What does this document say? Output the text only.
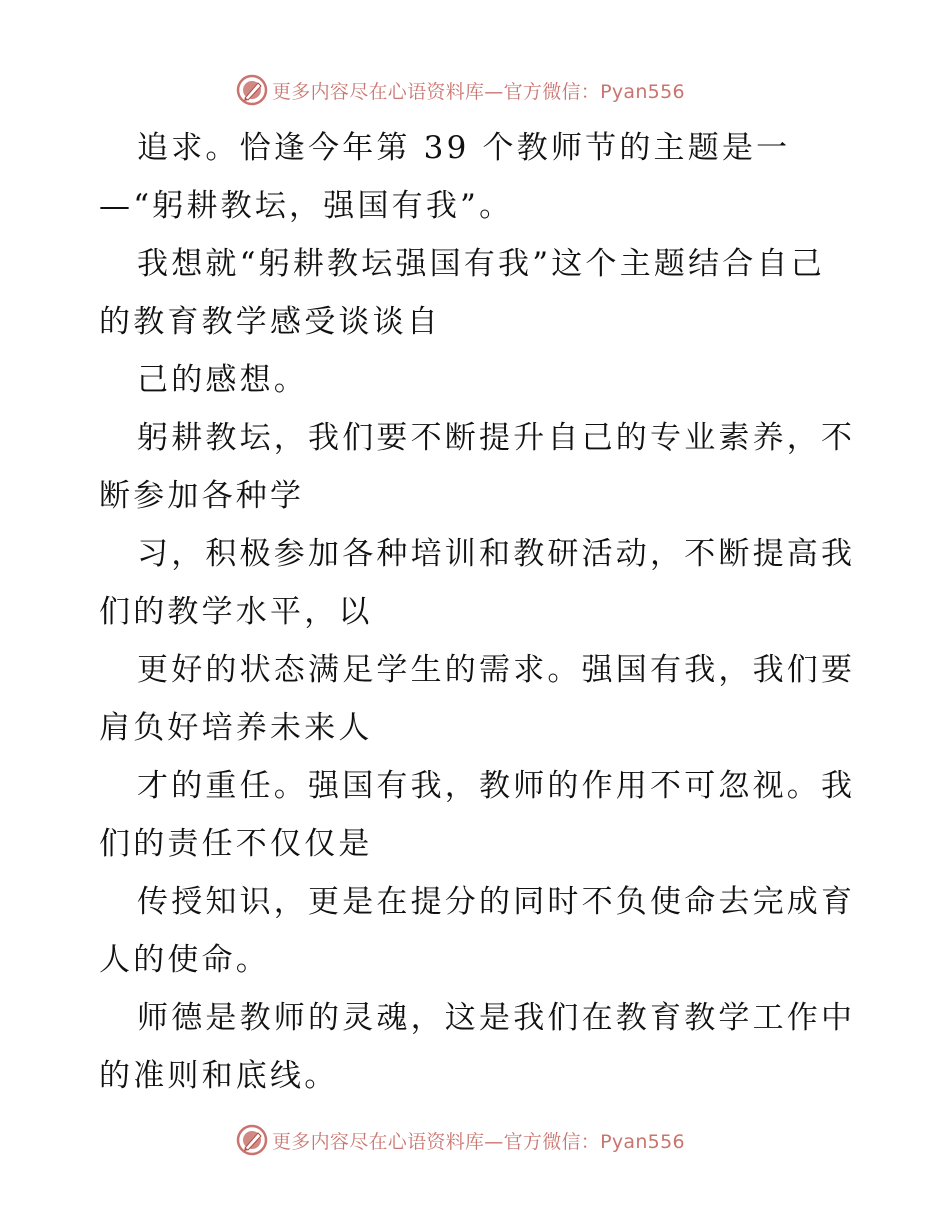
更多内容尽在心语资料库—官方微信：Pyan556
追求。恰逢今年第 39 个教师节的主题是一
—“躬耕教坛，强国有我”。
我想就“躬耕教坛强国有我”这个主题结合自己
的教育教学感受谈谈自
己的感想。
躬耕教坛，我们要不断提升自己的专业素养，不
断参加各种学
习，积极参加各种培训和教研活动，不断提高我
们的教学水平，以
更好的状态满足学生的需求。强国有我，我们要
肩负好培养未来人
才的重任。强国有我，教师的作用不可忽视。我
们的责任不仅仅是
传授知识，更是在提分的同时不负使命去完成育
人的使命。
师德是教师的灵魂，这是我们在教育教学工作中
的准则和底线。
更多内容尽在心语资料库—官方微信：Pyan556
